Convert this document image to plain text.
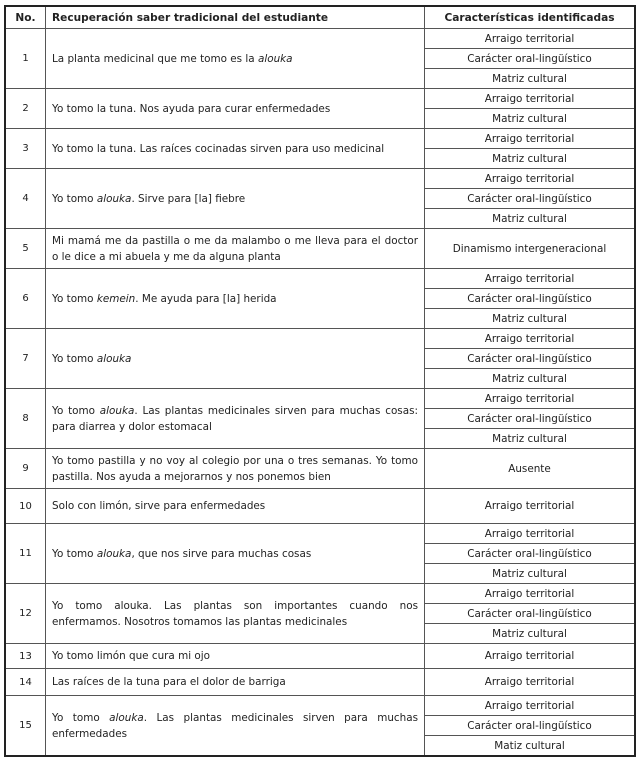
No.	Recuperación saber tradicional del estudiante	Características identificadas
1	La planta medicinal que me tomo es la alouka	Arraigo territorial
		Carácter oral-lingüístico
		Matriz cultural
2	Yo tomo la tuna. Nos ayuda para curar enfermedades	Arraigo territorial
		Matriz cultural
3	Yo tomo la tuna. Las raíces cocinadas sirven para uso medicinal	Arraigo territorial
		Matriz cultural
4	Yo tomo alouka. Sirve para [la] fiebre	Arraigo territorial
		Carácter oral-lingüístico
		Matriz cultural
5	Mi mamá me da pastilla o me da malambo o me lleva para el doctor o le dice a mi abuela y me da alguna planta	Dinamismo intergeneracional
6	Yo tomo kemein. Me ayuda para [la] herida	Arraigo territorial
		Carácter oral-lingüístico
		Matriz cultural
7	Yo tomo alouka	Arraigo territorial
		Carácter oral-lingüístico
		Matriz cultural
8	Yo tomo alouka. Las plantas medicinales sirven para muchas cosas: para diarrea y dolor estomacal	Arraigo territorial
		Carácter oral-lingüístico
		Matriz cultural
9	Yo tomo pastilla y no voy al colegio por una o tres semanas. Yo tomo pastilla. Nos ayuda a mejorarnos y nos ponemos bien	Ausente
10	Solo con limón, sirve para enfermedades	Arraigo territorial
11	Yo tomo alouka, que nos sirve para muchas cosas	Arraigo territorial
		Carácter oral-lingüístico
		Matriz cultural
12	Yo tomo alouka. Las plantas son importantes cuando nos enfermamos. Nosotros tomamos las plantas medicinales	Arraigo territorial
		Carácter oral-lingüístico
		Matriz cultural
13	Yo tomo limón que cura mi ojo	Arraigo territorial
14	Las raíces de la tuna para el dolor de barriga	Arraigo territorial
15	Yo tomo alouka. Las plantas medicinales sirven para muchas enfermedades	Arraigo territorial
		Carácter oral-lingüístico
		Matiz cultural
